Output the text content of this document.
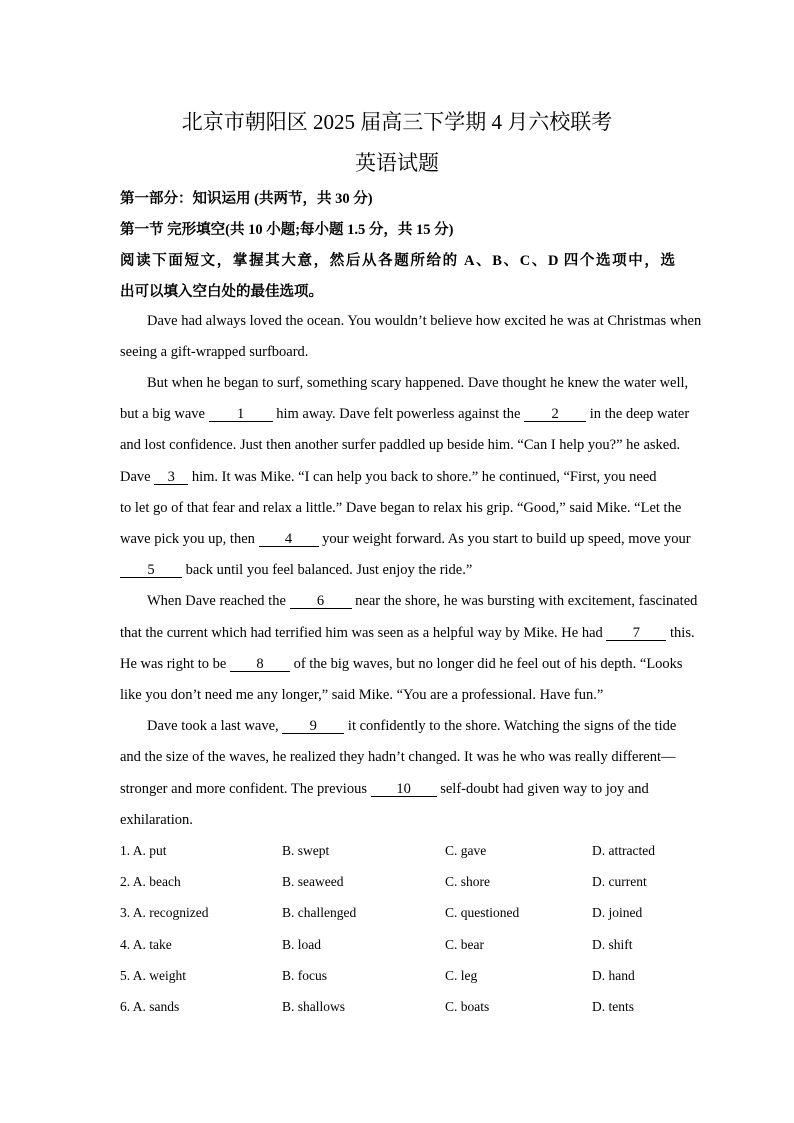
北京市朝阳区 2025 届高三下学期 4 月六校联考
英语试题
第一部分：知识运用 (共两节，共 30 分)
第一节 完形填空(共 10 小题;每小题 1.5 分，共 15 分)
阅读下面短文，掌握其大意，然后从各题所给的 A、B、C、D 四个选项中，选
出可以填入空白处的最佳选项。
Dave had always loved the ocean. You wouldn’t believe how excited he was at Christmas when
seeing a gift-wrapped surfboard.
But when he began to surf, something scary happened. Dave thought he knew the water well,
but a big wave 1 him away. Dave felt powerless against the 2 in the deep water
and lost confidence. Just then another surfer paddled up beside him. “Can I help you?” he asked.
Dave 3 him. It was Mike. “I can help you back to shore.” he continued, “First, you need
to let go of that fear and relax a little.” Dave began to relax his grip. “Good,” said Mike. “Let the
wave pick you up, then 4 your weight forward. As you start to build up speed, move your
5 back until you feel balanced. Just enjoy the ride.”
When Dave reached the 6 near the shore, he was bursting with excitement, fascinated
that the current which had terrified him was seen as a helpful way by Mike. He had 7 this.
He was right to be 8 of the big waves, but no longer did he feel out of his depth. “Looks
like you don’t need me any longer,” said Mike. “You are a professional. Have fun.”
Dave took a last wave, 9 it confidently to the shore. Watching the signs of the tide
and the size of the waves, he realized they hadn’t changed. It was he who was really different—
stronger and more confident. The previous 10 self-doubt had given way to joy and
exhilaration.
1. A. put	B. swept	C. gave	D. attracted
2. A. beach	B. seaweed	C. shore	D. current
3. A. recognized	B. challenged	C. questioned	D. joined
4. A. take	B. load	C. bear	D. shift
5. A. weight	B. focus	C. leg	D. hand
6. A. sands	B. shallows	C. boats	D. tents
